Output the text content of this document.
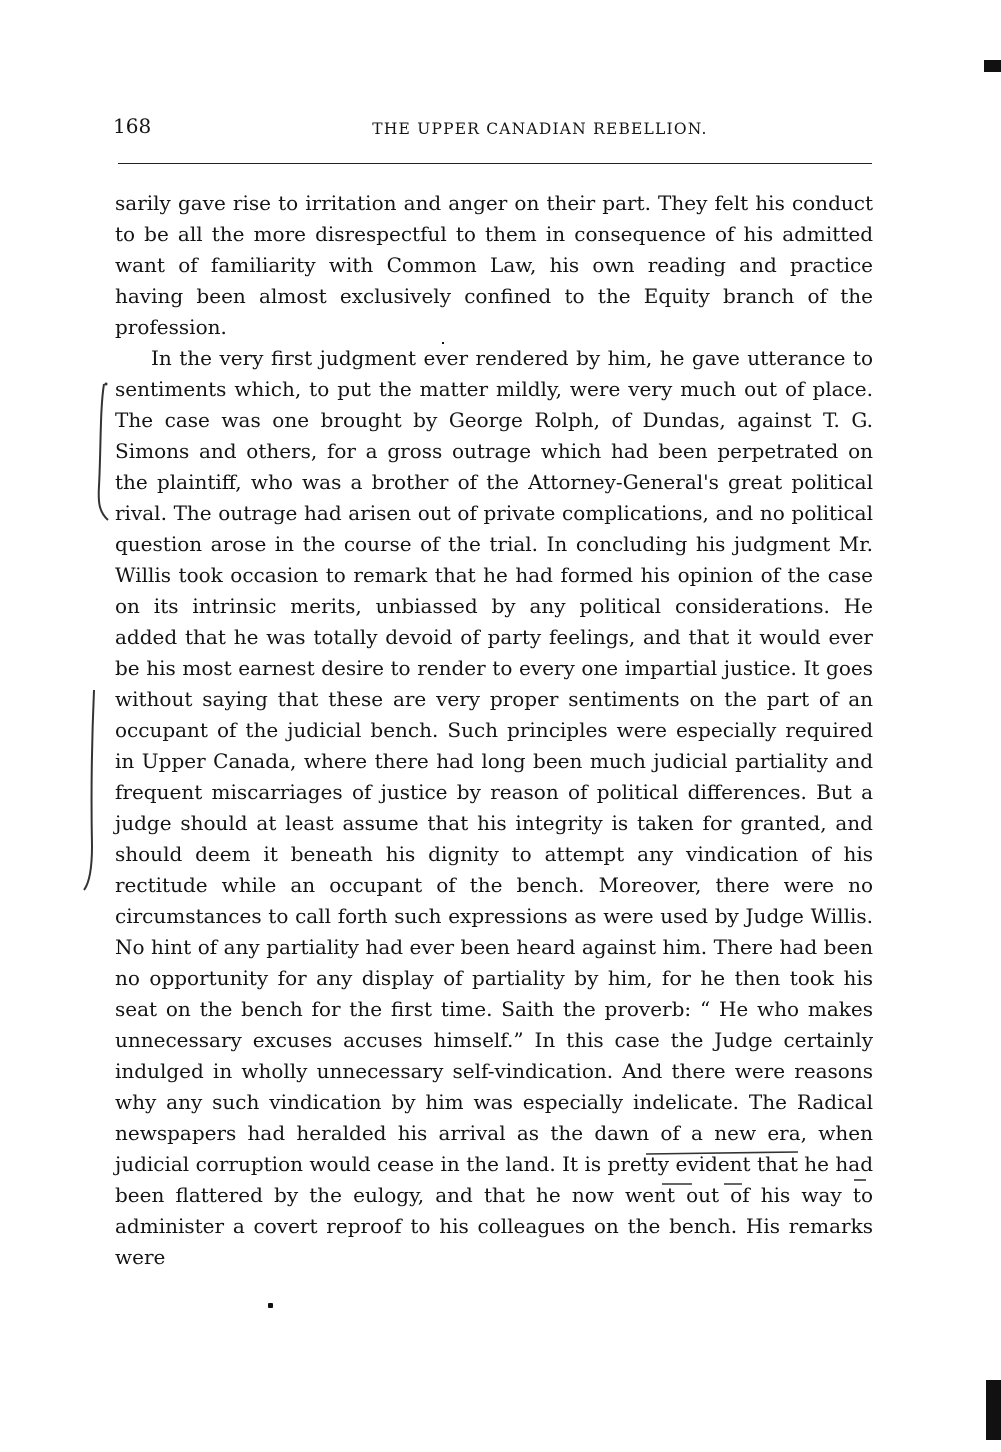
168	THE UPPER CANADIAN REBELLION.

sarily gave rise to irritation and anger on their part. They felt his conduct to be all the more disrespectful to them in consequence of his admitted want of familiarity with Common Law, his own reading and practice having been almost exclusively confined to the Equity branch of the profession.

In the very first judgment ever rendered by him, he gave utterance to sentiments which, to put the matter mildly, were very much out of place. The case was one brought by George Rolph, of Dundas, against T. G. Simons and others, for a gross outrage which had been perpetrated on the plaintiff, who was a brother of the Attorney-General's great political rival. The outrage had arisen out of private complications, and no political question arose in the course of the trial. In concluding his judgment Mr. Willis took occasion to remark that he had formed his opinion of the case on its intrinsic merits, unbiassed by any political considerations. He added that he was totally devoid of party feelings, and that it would ever be his most earnest desire to render to every one impartial justice. It goes without saying that these are very proper sentiments on the part of an occupant of the judicial bench. Such principles were especially required in Upper Canada, where there had long been much judicial partiality and frequent miscarriages of justice by reason of political differences. But a judge should at least assume that his integrity is taken for granted, and should deem it beneath his dignity to attempt any vindication of his rectitude while an occupant of the bench. Moreover, there were no circumstances to call forth such expressions as were used by Judge Willis. No hint of any partiality had ever been heard against him. There had been no opportunity for any display of partiality by him, for he then took his seat on the bench for the first time. Saith the proverb: “ He who makes unnecessary excuses accuses himself.” In this case the Judge certainly indulged in wholly unnecessary self-vindication. And there were reasons why any such vindication by him was especially indelicate. The Radical newspapers had heralded his arrival as the dawn of a new era, when judicial corruption would cease in the land. It is pretty evident that he had been flattered by the eulogy, and that he now went out of his way to administer a covert reproof to his colleagues on the bench. His remarks were
